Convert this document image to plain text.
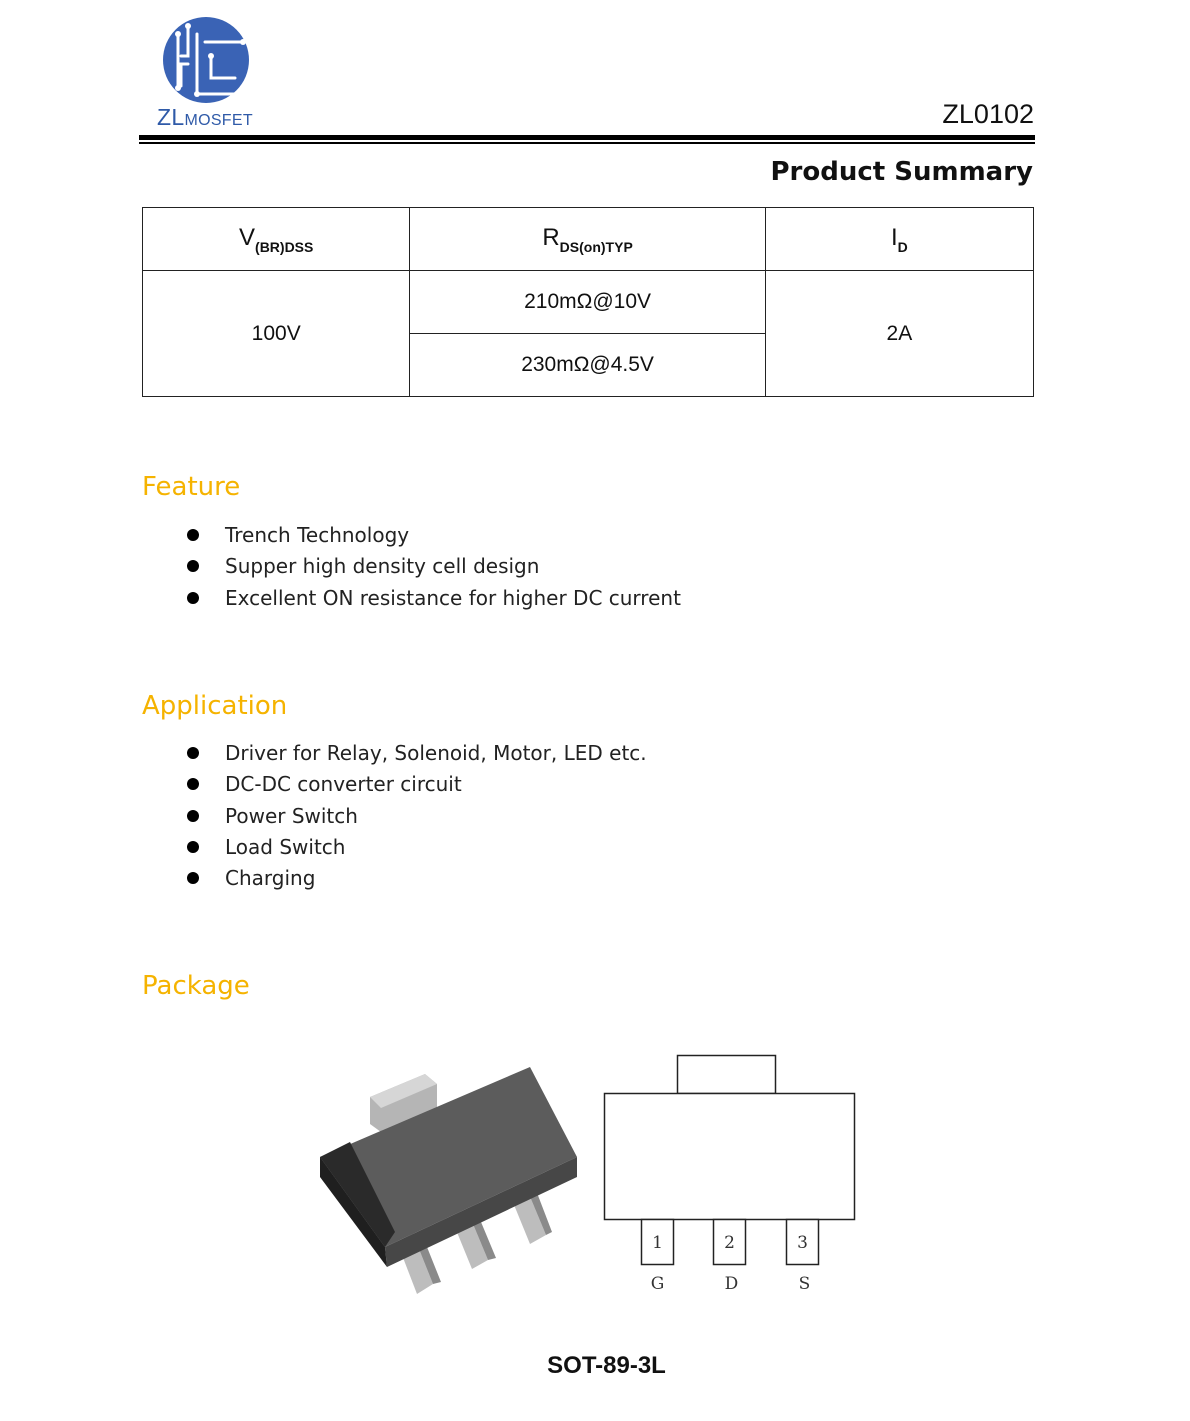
ZLMOSFET	ZL0102
Product Summary
$V_{(BR)DSS}$	$R_{DS(on)TYP}$	$I_D$
100V	210mΩ@10V	2A
	230mΩ@4.5V	
Feature
Trench Technology
Supper high density cell design
Excellent ON resistance for higher DC current
Application
Driver for Relay, Solenoid, Motor, LED etc.
DC-DC converter circuit
Power Switch
Load Switch
Charging
Package
1	2	3
G	D	S
SOT-89-3L
